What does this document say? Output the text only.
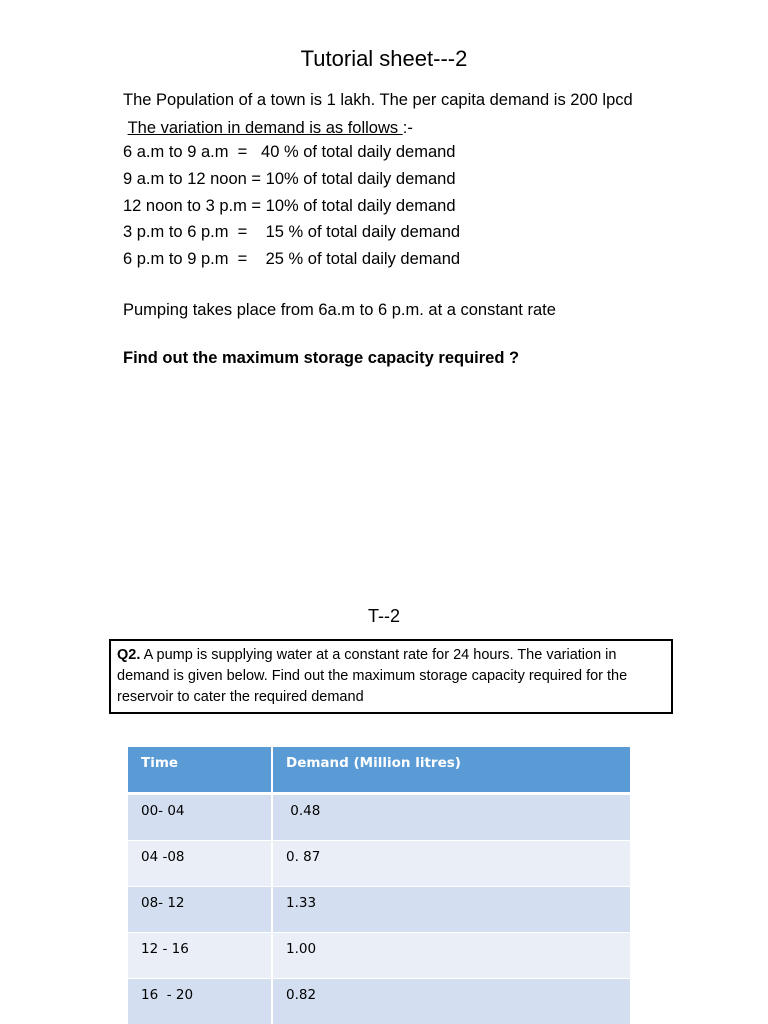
Tutorial sheet---2
The Population of a town is 1 lakh. The per capita demand is 200 lpcd
The variation in demand is as follows :-
6 a.m to 9 a.m  =   40 % of total daily demand
9 a.m to 12 noon = 10% of total daily demand
12 noon to 3 p.m = 10% of total daily demand
3 p.m to 6 p.m  =    15 % of total daily demand
6 p.m to 9 p.m  =    25 % of total daily demand
Pumping takes place from 6a.m to 6 p.m. at a constant rate
Find out the maximum storage capacity required ?
T--2
Q2. A pump is supplying water at a constant rate for 24 hours. The variation in demand is given below. Find out the maximum storage capacity required for the reservoir to cater the required demand
Time	Demand (Million litres)
00- 04	0.48
04 -08	0. 87
08- 12	1.33
12 - 16	1.00
16  - 20	0.82
